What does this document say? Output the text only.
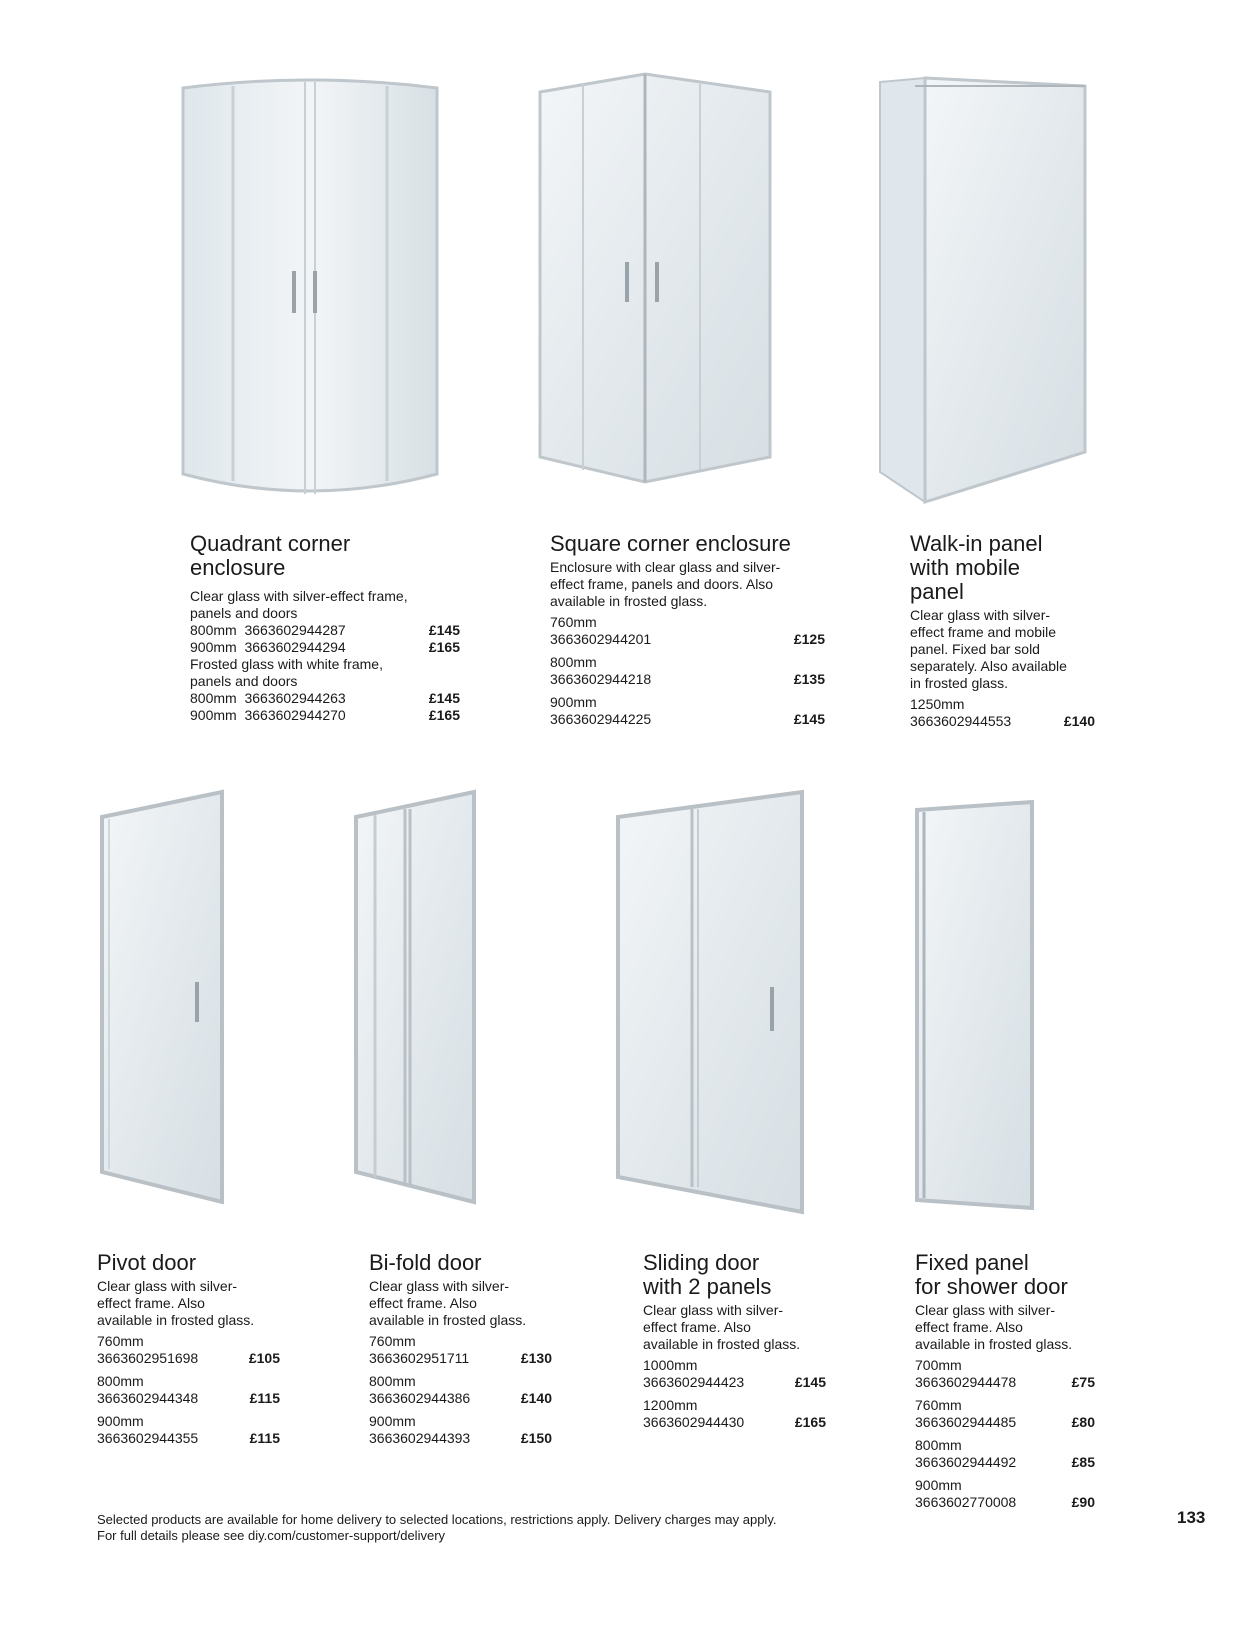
Quadrant corner
enclosure
Clear glass with silver-effect frame,
panels and doors
800mm 3663602944287	£145
900mm 3663602944294	£165
Frosted glass with white frame,
panels and doors
800mm 3663602944263	£145
900mm 3663602944270	£165
Square corner enclosure
Enclosure with clear glass and silver-
effect frame, panels and doors. Also
available in frosted glass.
760mm
3663602944201	£125
800mm
3663602944218	£135
900mm
3663602944225	£145
Walk-in panel
with mobile
panel
Clear glass with silver-
effect frame and mobile
panel. Fixed bar sold
separately. Also available
in frosted glass.
1250mm
3663602944553	£140
Pivot door
Clear glass with silver-
effect frame. Also
available in frosted glass.
760mm
3663602951698	£105
800mm
3663602944348	£115
900mm
3663602944355	£115
Bi-fold door
Clear glass with silver-
effect frame. Also
available in frosted glass.
760mm
3663602951711	£130
800mm
3663602944386	£140
900mm
3663602944393	£150
Sliding door
with 2 panels
Clear glass with silver-
effect frame. Also
available in frosted glass.
1000mm
3663602944423	£145
1200mm
3663602944430	£165
Fixed panel
for shower door
Clear glass with silver-
effect frame. Also
available in frosted glass.
700mm
3663602944478	£75
760mm
3663602944485	£80
800mm
3663602944492	£85
900mm
3663602770008	£90
Selected products are available for home delivery to selected locations, restrictions apply. Delivery charges may apply.
For full details please see diy.com/customer-support/delivery
133
